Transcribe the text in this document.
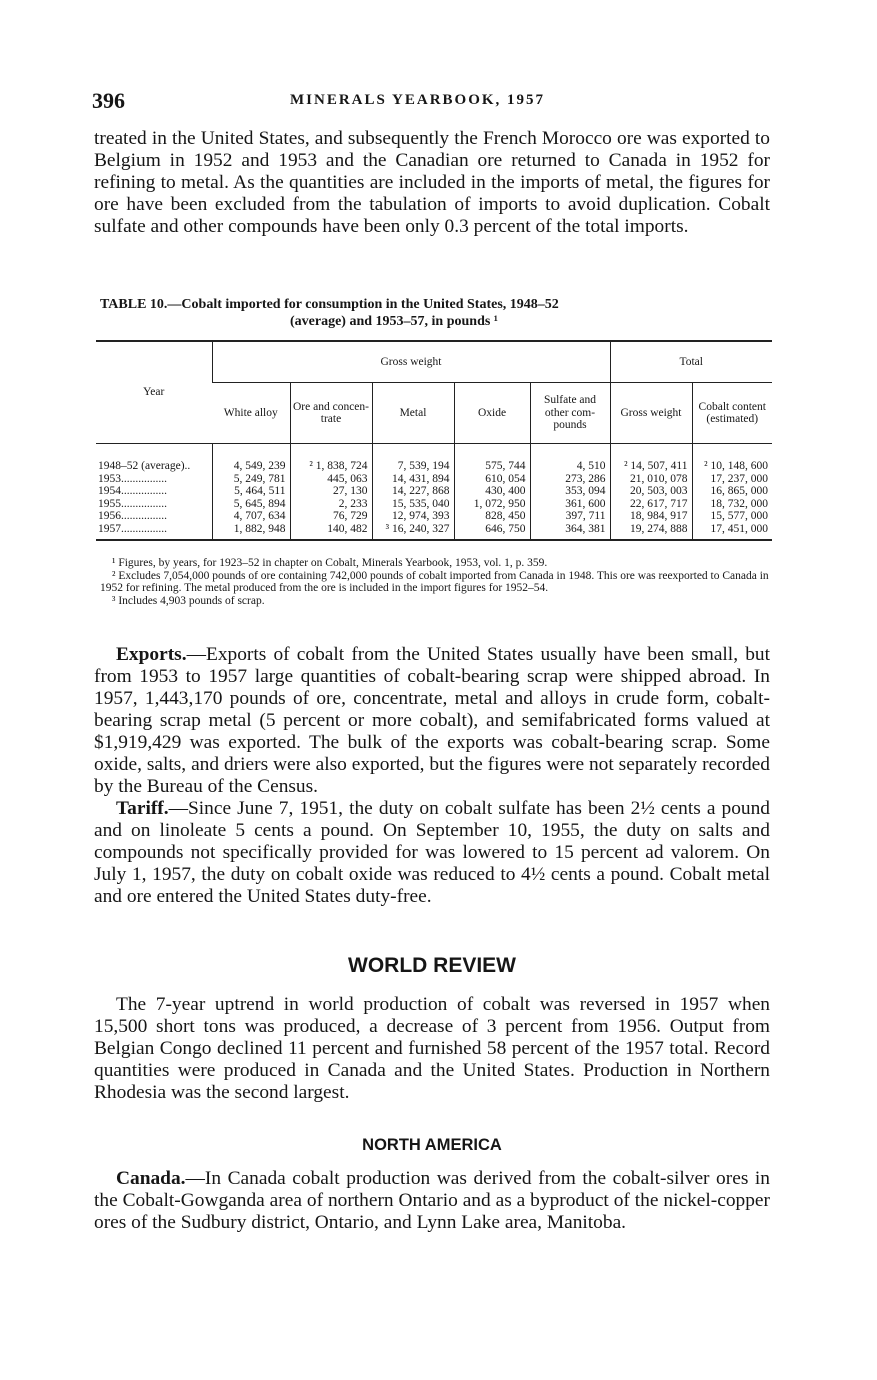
396	MINERALS YEARBOOK, 1957

treated in the United States, and subsequently the French Morocco ore was exported to Belgium in 1952 and 1953 and the Canadian ore returned to Canada in 1952 for refining to metal. As the quantities are included in the imports of metal, the figures for ore have been excluded from the tabulation of imports to avoid duplication. Cobalt sulfate and other compounds have been only 0.3 percent of the total imports.

TABLE 10.—Cobalt imported for consumption in the United States, 1948–52
(average) and 1953–57, in pounds ¹
Year	Gross weight					Total	
	White alloy	Ore and concen-trate	Metal	Oxide	Sulfate and other com-pounds	Gross weight	Cobalt content (estimated)
1948–52 (average)..	4, 549, 239	² 1, 838, 724	7, 539, 194	575, 744	4, 510	² 14, 507, 411	² 10, 148, 600
1953................	5, 249, 781	445, 063	14, 431, 894	610, 054	273, 286	21, 010, 078	17, 237, 000
1954................	5, 464, 511	27, 130	14, 227, 868	430, 400	353, 094	20, 503, 003	16, 865, 000
1955................	5, 645, 894	2, 233	15, 535, 040	1, 072, 950	361, 600	22, 617, 717	18, 732, 000
1956................	4, 707, 634	76, 729	12, 974, 393	828, 450	397, 711	18, 984, 917	15, 577, 000
1957................	1, 882, 948	140, 482	³ 16, 240, 327	646, 750	364, 381	19, 274, 888	17, 451, 000
¹ Figures, by years, for 1923–52 in chapter on Cobalt, Minerals Yearbook, 1953, vol. 1, p. 359.
² Excludes 7,054,000 pounds of ore containing 742,000 pounds of cobalt imported from Canada in 1948. This ore was reexported to Canada in 1952 for refining. The metal produced from the ore is included in the import figures for 1952–54.
³ Includes 4,903 pounds of scrap.

Exports.—Exports of cobalt from the United States usually have been small, but from 1953 to 1957 large quantities of cobalt-bearing scrap were shipped abroad. In 1957, 1,443,170 pounds of ore, concentrate, metal and alloys in crude form, cobalt-bearing scrap metal (5 percent or more cobalt), and semifabricated forms valued at $1,919,429 was exported. The bulk of the exports was cobalt-bearing scrap. Some oxide, salts, and driers were also exported, but the figures were not separately recorded by the Bureau of the Census.

Tariff.—Since June 7, 1951, the duty on cobalt sulfate has been 2½ cents a pound and on linoleate 5 cents a pound. On September 10, 1955, the duty on salts and compounds not specifically provided for was lowered to 15 percent ad valorem. On July 1, 1957, the duty on cobalt oxide was reduced to 4½ cents a pound. Cobalt metal and ore entered the United States duty-free.

WORLD REVIEW

The 7-year uptrend in world production of cobalt was reversed in 1957 when 15,500 short tons was produced, a decrease of 3 percent from 1956. Output from Belgian Congo declined 11 percent and furnished 58 percent of the 1957 total. Record quantities were produced in Canada and the United States. Production in Northern Rhodesia was the second largest.

NORTH AMERICA

Canada.—In Canada cobalt production was derived from the cobalt-silver ores in the Cobalt-Gowganda area of northern Ontario and as a byproduct of the nickel-copper ores of the Sudbury district, Ontario, and Lynn Lake area, Manitoba.
